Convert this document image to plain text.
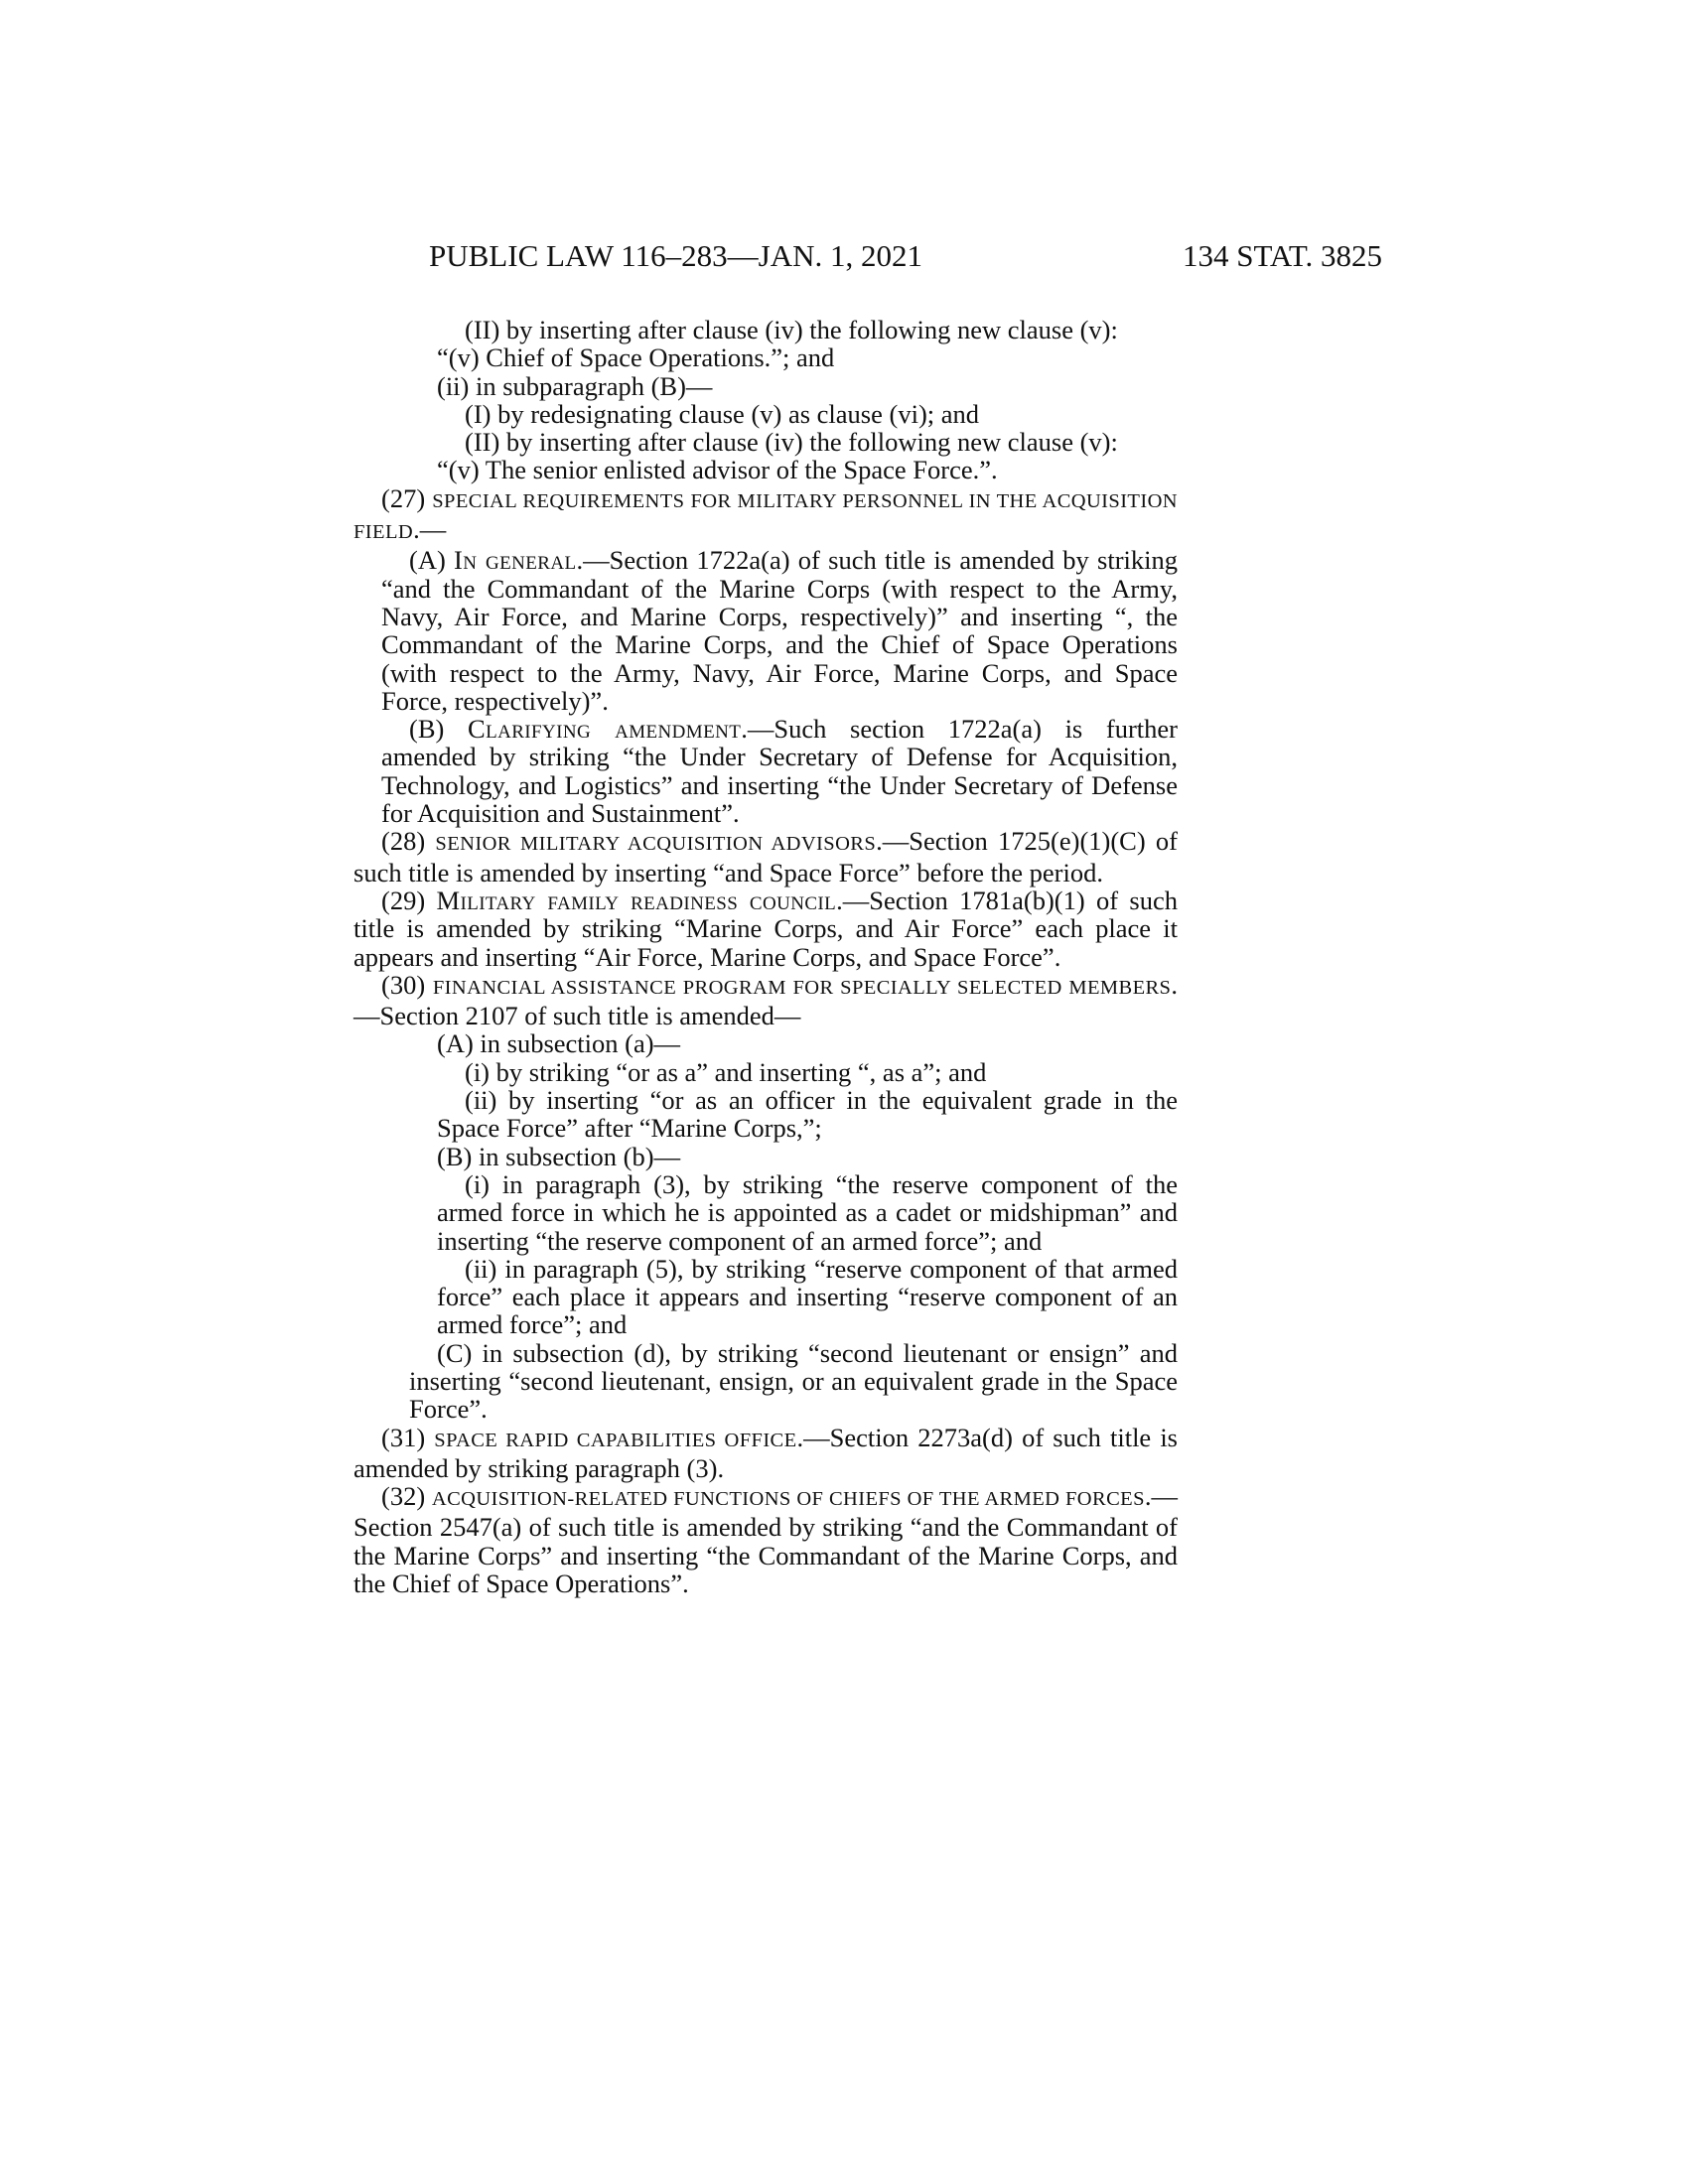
PUBLIC LAW 116–283—JAN. 1, 2021	134 STAT. 3825

(II) by inserting after clause (iv) the following new clause (v):

“(v) Chief of Space Operations.”; and

(ii) in subparagraph (B)—

(I) by redesignating clause (v) as clause (vi); and

(II) by inserting after clause (iv) the following new clause (v):

“(v) The senior enlisted advisor of the Space Force.”.

(27) SPECIAL REQUIREMENTS FOR MILITARY PERSONNEL IN THE ACQUISITION FIELD.—

(A) In general.—Section 1722a(a) of such title is amended by striking “and the Commandant of the Marine Corps (with respect to the Army, Navy, Air Force, and Marine Corps, respectively)” and inserting “, the Commandant of the Marine Corps, and the Chief of Space Operations (with respect to the Army, Navy, Air Force, Marine Corps, and Space Force, respectively)”.

(B) Clarifying amendment.—Such section 1722a(a) is further amended by striking “the Under Secretary of Defense for Acquisition, Technology, and Logistics” and inserting “the Under Secretary of Defense for Acquisition and Sustainment”.

(28) SENIOR MILITARY ACQUISITION ADVISORS.—Section 1725(e)(1)(C) of such title is amended by inserting “and Space Force” before the period.

(29) Military family readiness council.—Section 1781a(b)(1) of such title is amended by striking “Marine Corps, and Air Force” each place it appears and inserting “Air Force, Marine Corps, and Space Force”.

(30) FINANCIAL ASSISTANCE PROGRAM FOR SPECIALLY SELECTED MEMBERS.—Section 2107 of such title is amended—

(A) in subsection (a)—

(i) by striking “or as a” and inserting “, as a”; and

(ii) by inserting “or as an officer in the equivalent grade in the Space Force” after “Marine Corps,”;

(B) in subsection (b)—

(i) in paragraph (3), by striking “the reserve component of the armed force in which he is appointed as a cadet or midshipman” and inserting “the reserve component of an armed force”; and

(ii) in paragraph (5), by striking “reserve component of that armed force” each place it appears and inserting “reserve component of an armed force”; and

(C) in subsection (d), by striking “second lieutenant or ensign” and inserting “second lieutenant, ensign, or an equivalent grade in the Space Force”.

(31) SPACE RAPID CAPABILITIES OFFICE.—Section 2273a(d) of such title is amended by striking paragraph (3).

(32) ACQUISITION-RELATED FUNCTIONS OF CHIEFS OF THE ARMED FORCES.—Section 2547(a) of such title is amended by striking “and the Commandant of the Marine Corps” and inserting “the Commandant of the Marine Corps, and the Chief of Space Operations”.
